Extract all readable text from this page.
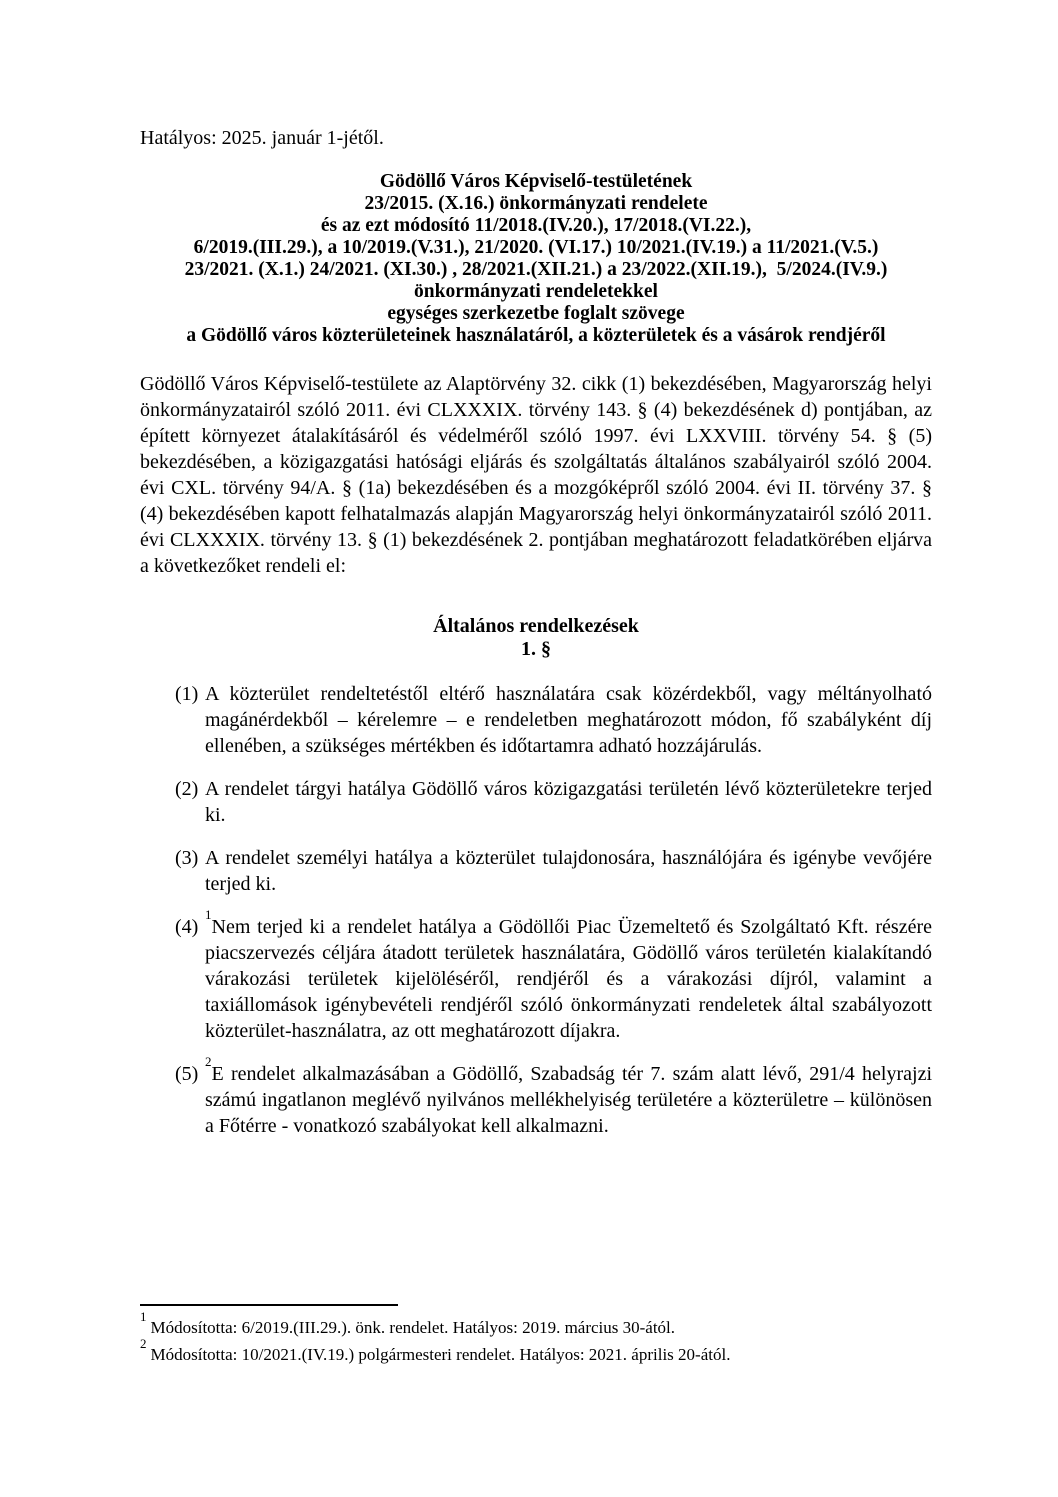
Hatályos: 2025. január 1-jétől.
Gödöllő Város Képviselő-testületének
23/2015. (X.16.) önkormányzati rendelete
és az ezt módosító 11/2018.(IV.20.), 17/2018.(VI.22.),
6/2019.(III.29.), a 10/2019.(V.31.), 21/2020. (VI.17.) 10/2021.(IV.19.) a 11/2021.(V.5.)
23/2021. (X.1.) 24/2021. (XI.30.) , 28/2021.(XII.21.) a 23/2022.(XII.19.),  5/2024.(IV.9.)
önkormányzati rendeletekkel
egységes szerkezetbe foglalt szövege
a Gödöllő város közterületeinek használatáról, a közterületek és a vásárok rendjéről
Gödöllő Város Képviselő-testülete az Alaptörvény 32. cikk (1) bekezdésében, Magyarország helyi önkormányzatairól szóló 2011. évi CLXXXIX. törvény 143. § (4) bekezdésének d) pontjában, az épített környezet átalakításáról és védelméről szóló 1997. évi LXXVIII. törvény 54. § (5) bekezdésében, a közigazgatási hatósági eljárás és szolgáltatás általános szabályairól szóló 2004. évi CXL. törvény 94/A. § (1a) bekezdésében és a mozgóképről szóló 2004. évi II. törvény 37. § (4) bekezdésében kapott felhatalmazás alapján Magyarország helyi önkormányzatairól szóló 2011. évi CLXXXIX. törvény 13. § (1) bekezdésének 2. pontjában meghatározott feladatkörében eljárva a következőket rendeli el:
Általános rendelkezések
1. §
(1) A közterület rendeltetéstől eltérő használatára csak közérdekből, vagy méltányolható magánérdekből – kérelemre – e rendeletben meghatározott módon, fő szabályként díj ellenében, a szükséges mértékben és időtartamra adható hozzájárulás.
(2) A rendelet tárgyi hatálya Gödöllő város közigazgatási területén lévő közterületekre terjed ki.
(3) A rendelet személyi hatálya a közterület tulajdonosára, használójára és igénybe vevőjére terjed ki.
(4)
$^1$Nem terjed ki a rendelet hatálya a Gödöllői Piac Üzemeltető és Szolgáltató Kft. részére piacszervezés céljára átadott területek használatára, Gödöllő város területén kialakítandó várakozási területek kijelöléséről, rendjéről és a várakozási díjról, valamint a taxiállomások igénybevételi rendjéről szóló önkormányzati rendeletek által szabályozott közterület-használatra, az ott meghatározott díjakra.
(5)
$^2$E rendelet alkalmazásában a Gödöllő, Szabadság tér 7. szám alatt lévő, 291/4 helyrajzi számú ingatlanon meglévő nyilvános mellékhelyiség területére a közterületre – különösen a Főtérre - vonatkozó szabályokat kell alkalmazni.
$^1$Módosította: 6/2019.(III.29.). önk. rendelet. Hatályos: 2019. március 30-ától.
$^2$Módosította: 10/2021.(IV.19.) polgármesteri rendelet. Hatályos: 2021. április 20-ától.
